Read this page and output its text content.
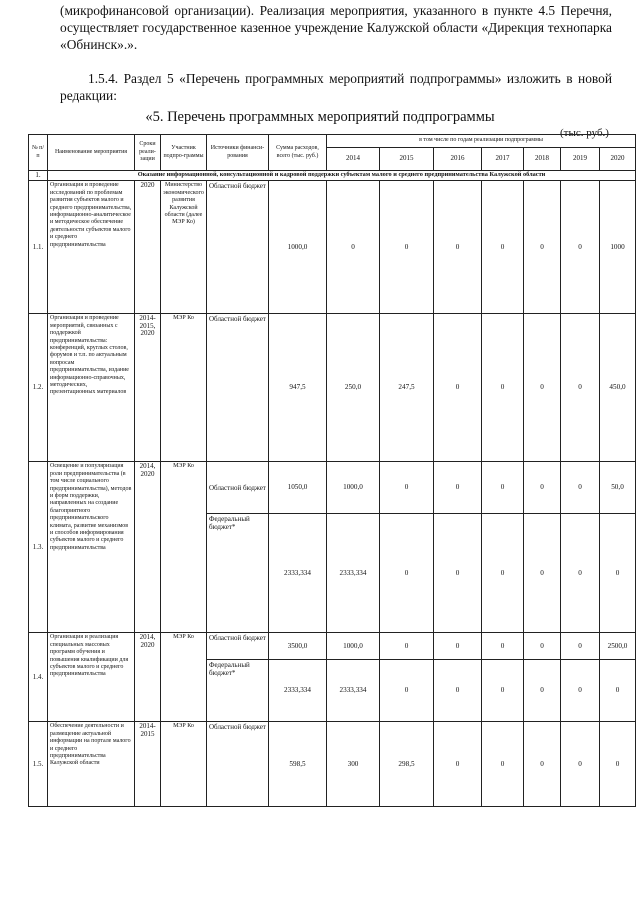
(микрофинансовой организации). Реализация мероприятия, указанного в пункте 4.5 Перечня, осуществляет государственное казенное учреждение Калужской области «Дирекция технопарка «Обнинск».».
1.5.4. Раздел 5 «Перечень программных мероприятий подпрограммы» изложить в новой редакции:
«5. Перечень программных мероприятий подпрограммы
(тыс. руб.)
№ п/п	Наименование мероприятия	Сроки реали-зации	Участник подпро-граммы	Источники финанси-рования	Сумма расходов, всего (тыс. руб.)	в том числе по годам реализации подпрограммы						
						2014	2015	2016	2017	2018	2019	2020
1.	Оказание информационной, консультационной и кадровой поддержки субъектам малого и среднего предпринимательства Калужской области											
1.1.	Организация и проведение исследований по проблемам развития субъектов малого и среднего предпринимательства, информационно-аналитическое и методическое обеспечение деятельности субъектов малого и среднего предпринимательства	2020	Министерство экономического развития Калужской области (далее МЭР Ко)	Областной бюджет	1000,0	0	0	0	0	0	0	1000
1.2.	Организация и проведение мероприятий, связанных с поддержкой предпринимательства: конференций, круглых столов, форумов и т.п. по актуальным вопросам предпринимательства, издание информационно-справочных, методических, презентационных материалов	2014-2015, 2020	МЭР Ко	Областной бюджет	947,5	250,0	247,5	0	0	0	0	450,0
1.3.	Освещение и популяризация роли предпринимательства (в том числе социального предпринимательства), методов и форм поддержки, направленных на создание благоприятного предпринимательского климата, развитие механизмов и способов информирования субъектов малого и среднего предпринимательства	2014, 2020	МЭР Ко	Областной бюджет	1050,0	1000,0	0	0	0	0	0	50,0
				Федеральный бюджет*	2333,334	2333,334	0	0	0	0	0	0
1.4.	Организация и реализация специальных массовых программ обучения и повышения квалификации для субъектов малого и среднего предпринимательства	2014, 2020	МЭР Ко	Областной бюджет	3500,0	1000,0	0	0	0	0	0	2500,0
				Федеральный бюджет*	2333,334	2333,334	0	0	0	0	0	0
1.5.	Обеспечение деятельности и размещение актуальной информации на портале малого и среднего предпринимательства Калужской области	2014-2015	МЭР Ко	Областной бюджет	598,5	300	298,5	0	0	0	0	0
